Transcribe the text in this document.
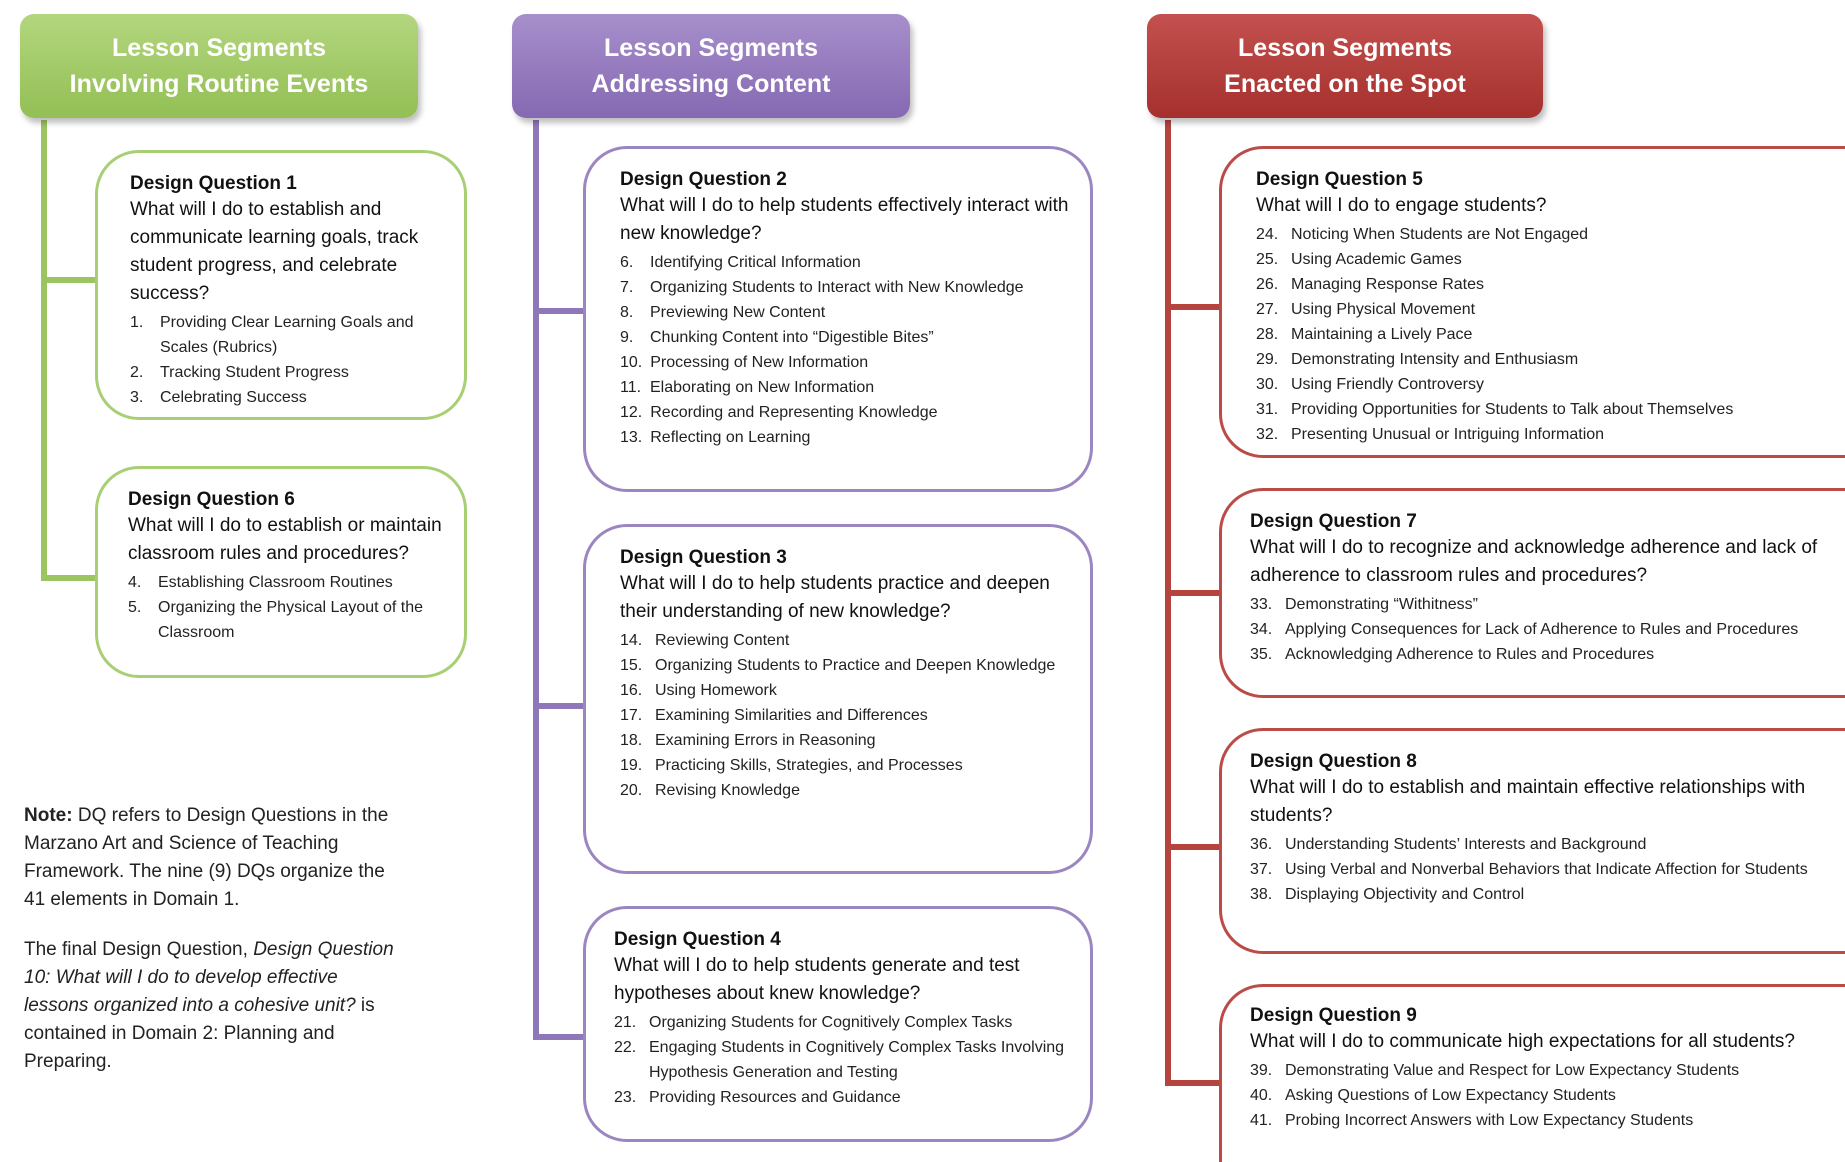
Lesson Segments
Involving Routine Events
Lesson Segments
Addressing Content
Lesson Segments
Enacted on the Spot
Design Question 1
What will I do to establish and communicate learning goals, track student progress, and celebrate success?
1.	Providing Clear Learning Goals and Scales (Rubrics)
2.	Tracking Student Progress
3.	Celebrating Success
Design Question 6
What will I do to establish or maintain classroom rules and procedures?
4.	Establishing Classroom Routines
5.	Organizing the Physical Layout of the Classroom
Design Question 2
What will I do to help students effectively interact with new knowledge?
6.	Identifying Critical Information
7.	Organizing Students to Interact with New Knowledge
8.	Previewing New Content
9.	Chunking Content into “Digestible Bites”
10. Processing of New Information
11. Elaborating on New Information
12. Recording and Representing Knowledge
13. Reflecting on Learning
Design Question 3
What will I do to help students practice and deepen their understanding of new knowledge?
14. Reviewing Content
15. Organizing Students to Practice and Deepen Knowledge
16. Using Homework
17. Examining Similarities and Differences
18. Examining Errors in Reasoning
19. Practicing Skills, Strategies, and Processes
20. Revising Knowledge
Design Question 4
What will I do to help students generate and test hypotheses about knew knowledge?
21. Organizing Students for Cognitively Complex Tasks
22. Engaging Students in Cognitively Complex Tasks Involving Hypothesis Generation and Testing
23. Providing Resources and Guidance
Design Question 5
What will I do to engage students?
24. Noticing When Students are Not Engaged
25. Using Academic Games
26. Managing Response Rates
27. Using Physical Movement
28. Maintaining a Lively Pace
29. Demonstrating Intensity and Enthusiasm
30. Using Friendly Controversy
31. Providing Opportunities for Students to Talk about Themselves
32. Presenting Unusual or Intriguing Information
Design Question 7
What will I do to recognize and acknowledge adherence and lack of adherence to classroom rules and procedures?
33. Demonstrating “Withitness”
34. Applying Consequences for Lack of Adherence to Rules and Procedures
35. Acknowledging Adherence to Rules and Procedures
Design Question 8
What will I do to establish and maintain effective relationships with students?
36. Understanding Students’ Interests and Background
37. Using Verbal and Nonverbal Behaviors that Indicate Affection for Students
38. Displaying Objectivity and Control
Design Question 9
What will I do to communicate high expectations for all students?
39. Demonstrating Value and Respect for Low Expectancy Students
40. Asking Questions of Low Expectancy Students
41. Probing Incorrect Answers with Low Expectancy Students

Note: DQ refers to Design Questions in the Marzano Art and Science of Teaching Framework. The nine (9) DQs organize the 41 elements in Domain 1.

The final Design Question, Design Question 10: What will I do to develop effective lessons organized into a cohesive unit? is contained in Domain 2: Planning and Preparing.
